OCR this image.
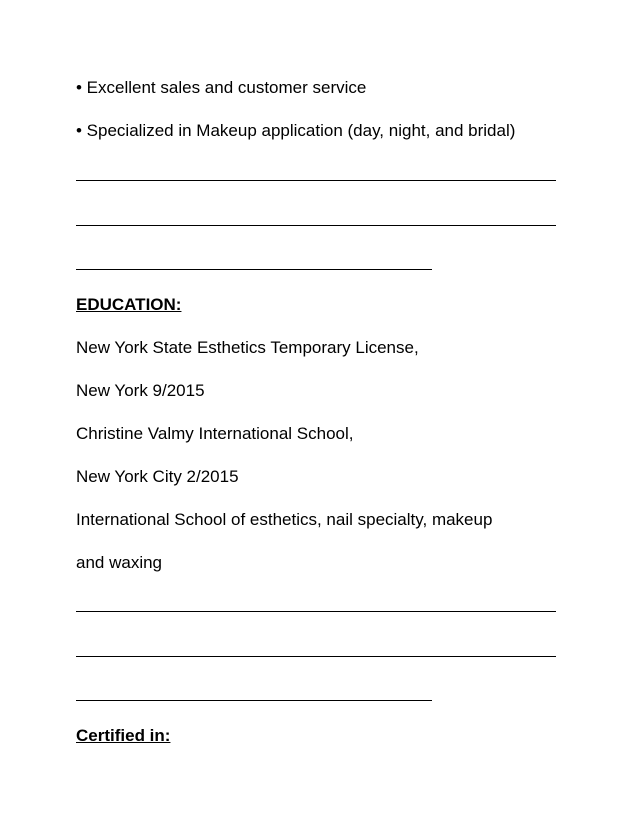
• Excellent sales and customer service
• Specialized in Makeup application (day, night, and bridal)
EDUCATION:
New York State Esthetics Temporary License,
New York 9/2015
Christine Valmy International School,
New York City 2/2015
International School of esthetics, nail specialty, makeup
and waxing
Certified in:
